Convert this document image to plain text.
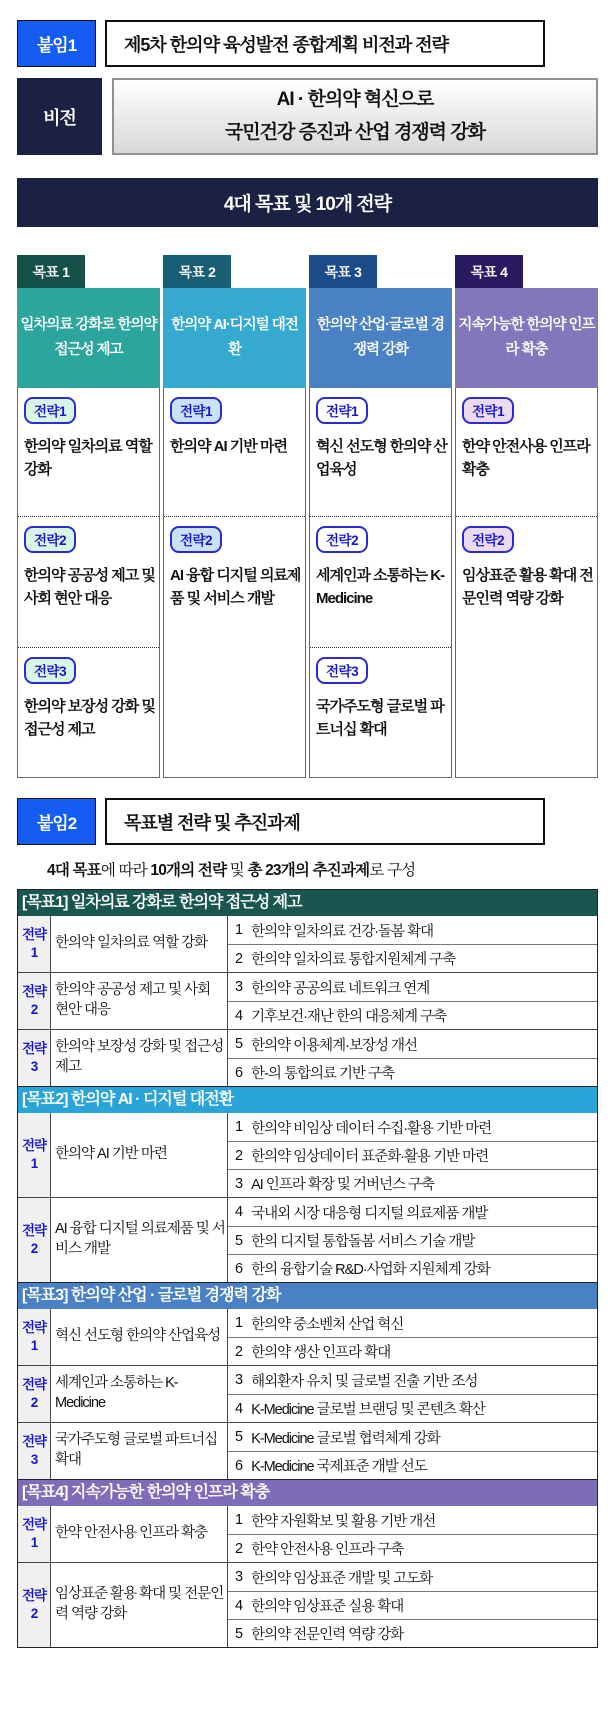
붙임1	제5차 한의약 육성발전 종합계획 비전과 전략
비전
AI · 한의약 혁신으로
국민건강 증진과 산업 경쟁력 강화
4대 목표 및 10개 전략
목표 1
일차의료 강화로 한의약 접근성 제고
전략1
한의약 일차의료 역할 강화
전략2
한의약 공공성 제고 및 사회 현안 대응
전략3
한의약 보장성 강화 및 접근성 제고
목표 2
한의약 AI·디지털 대전환
전략1
한의약 AI 기반 마련
전략2
AI 융합 디지털 의료제품 및 서비스 개발
목표 3
한의약 산업·글로벌 경쟁력 강화
전략1
혁신 선도형 한의약 산업육성
전략2
세계인과 소통하는 K-Medicine
전략3
국가주도형 글로벌 파트너십 확대
목표 4
지속가능한 한의약 인프라 확충
전략1
한약 안전사용 인프라 확충
전략2
임상표준 활용 확대 전문인력 역량 강화
붙임2	목표별 전략 및 추진과제

4대 목표에 따라 10개의 전략 및 총 23개의 추진과제로 구성

[목표1] 일차의료 강화로 한의약 접근성 제고
전략
1
한의약 일차의료 역할 강화
1 한의약 일차의료 건강·돌봄 확대
2 한의약 일차의료 통합지원체계 구축
전략
2
한의약 공공성 제고 및 사회 현안 대응
3 한의약 공공의료 네트워크 연계
4 기후보건·재난 한의 대응체계 구축
전략
3
한의약 보장성 강화 및 접근성 제고
5 한의약 이용체계·보장성 개선
6 한-의 통합의료 기반 구축
[목표2] 한의약 AI · 디지털 대전환
전략
1
한의약 AI 기반 마련
1 한의약 비임상 데이터 수집·활용 기반 마련
2 한의약 임상데이터 표준화·활용 기반 마련
3 AI 인프라 확장 및 거버넌스 구축
전략
2
AI 융합 디지털 의료제품 및 서비스 개발
4 국내외 시장 대응형 디지털 의료제품 개발
5 한의 디지털 통합돌봄 서비스 기술 개발
6 한의 융합기술 R&D·사업화 지원체계 강화
[목표3] 한의약 산업 · 글로벌 경쟁력 강화
전략
1
혁신 선도형 한의약 산업육성
1 한의약 중소벤처 산업 혁신
2 한의약 생산 인프라 확대
전략
2
세계인과 소통하는 K-Medicine
3 해외환자 유치 및 글로벌 진출 기반 조성
4 K-Medicine 글로벌 브랜딩 및 콘텐츠 확산
전략
3
국가주도형 글로벌 파트너십 확대
5 K-Medicine 글로벌 협력체계 강화
6 K-Medicine 국제표준 개발 선도
[목표4] 지속가능한 한의약 인프라 확충
전략
1
한약 안전사용 인프라 확충
1 한약 자원확보 및 활용 기반 개선
2 한약 안전사용 인프라 구축
전략
2
임상표준 활용 확대 및 전문인력 역량 강화
3 한의약 임상표준 개발 및 고도화
4 한의약 임상표준 실용 확대
5 한의약 전문인력 역량 강화
